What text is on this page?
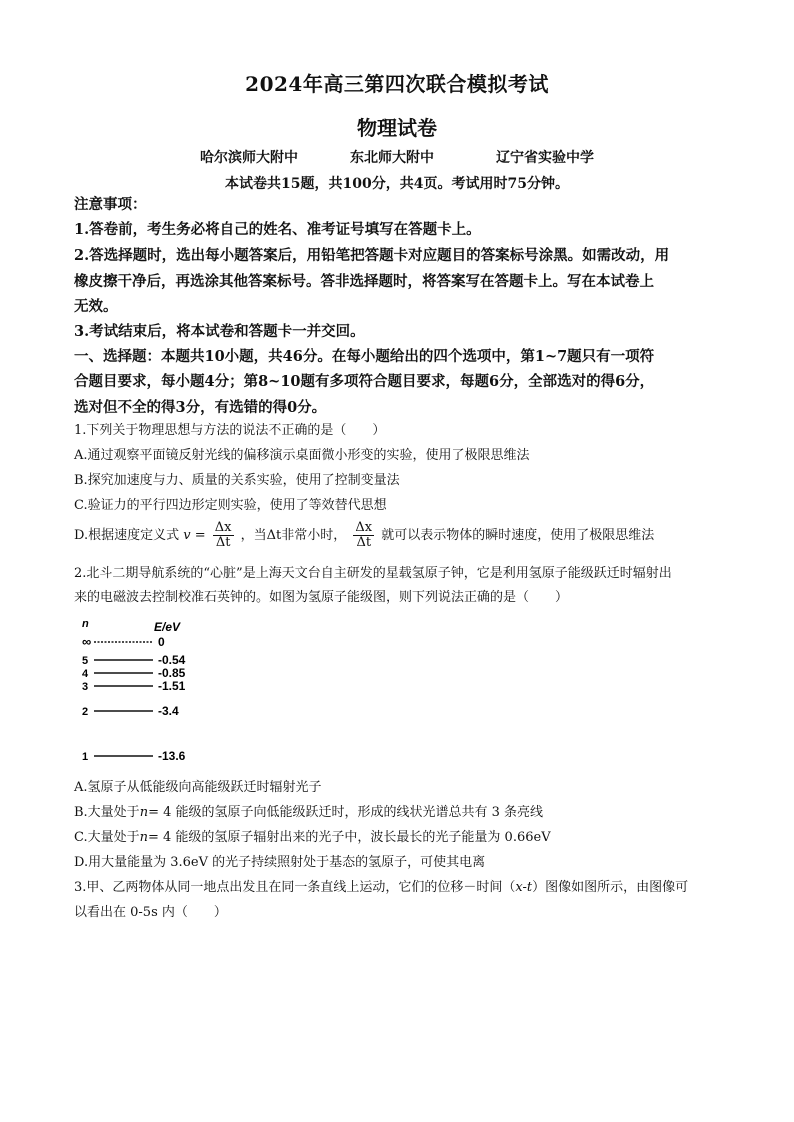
2024年高三第四次联合模拟考试
物理试卷
哈尔滨师大附中	东北师大附中	辽宁省实验中学
本试卷共15题，共100分，共4页。考试用时75分钟。
注意事项：
1.答卷前，考生务必将自己的姓名、准考证号填写在答题卡上。
2.答选择题时，选出每小题答案后，用铅笔把答题卡对应题目的答案标号涂黑。如需改动，用
橡皮擦干净后，再选涂其他答案标号。答非选择题时，将答案写在答题卡上。写在本试卷上
无效。
3.考试结束后，将本试卷和答题卡一并交回。
一、选择题：本题共10小题，共46分。在每小题给出的四个选项中，第1~7题只有一项符
合题目要求，每小题4分；第8~10题有多项符合题目要求，每题6分，全部选对的得6分，
选对但不全的得3分，有选错的得0分。
1.下列关于物理思想与方法的说法不正确的是（　　）
A.通过观察平面镜反射光线的偏移演示桌面微小形变的实验，使用了极限思维法
B.探究加速度与力、质量的关系实验，使用了控制变量法
C.验证力的平行四边形定则实验，使用了等效替代思想
D.根据速度定义式 $v = \frac{\Delta x}{\Delta t}$ ，当Δt非常小时， $\frac{\Delta x}{\Delta t}$ 就可以表示物体的瞬时速度，使用了极限思维法
2.北斗二期导航系统的“心脏”是上海天文台自主研发的星载氢原子钟，它是利用氢原子能级跃迁时辐射出
来的电磁波去控制校准石英钟的。如图为氢原子能级图，则下列说法正确的是（　　）
n	E/eV
∞	0
5	-0.54
4	-0.85
3	-1.51
2	-3.4
1	-13.6
A.氢原子从低能级向高能级跃迁时辐射光子
B.大量处于n= 4 能级的氢原子向低能级跃迁时，形成的线状光谱总共有 3 条亮线
C.大量处于n= 4 能级的氢原子辐射出来的光子中，波长最长的光子能量为 0.66eV
D.用大量能量为 3.6eV 的光子持续照射处于基态的氢原子，可使其电离
3.甲、乙两物体从同一地点出发且在同一条直线上运动，它们的位移－时间（x-t）图像如图所示，由图像可
以看出在 0-5s 内（　　）
